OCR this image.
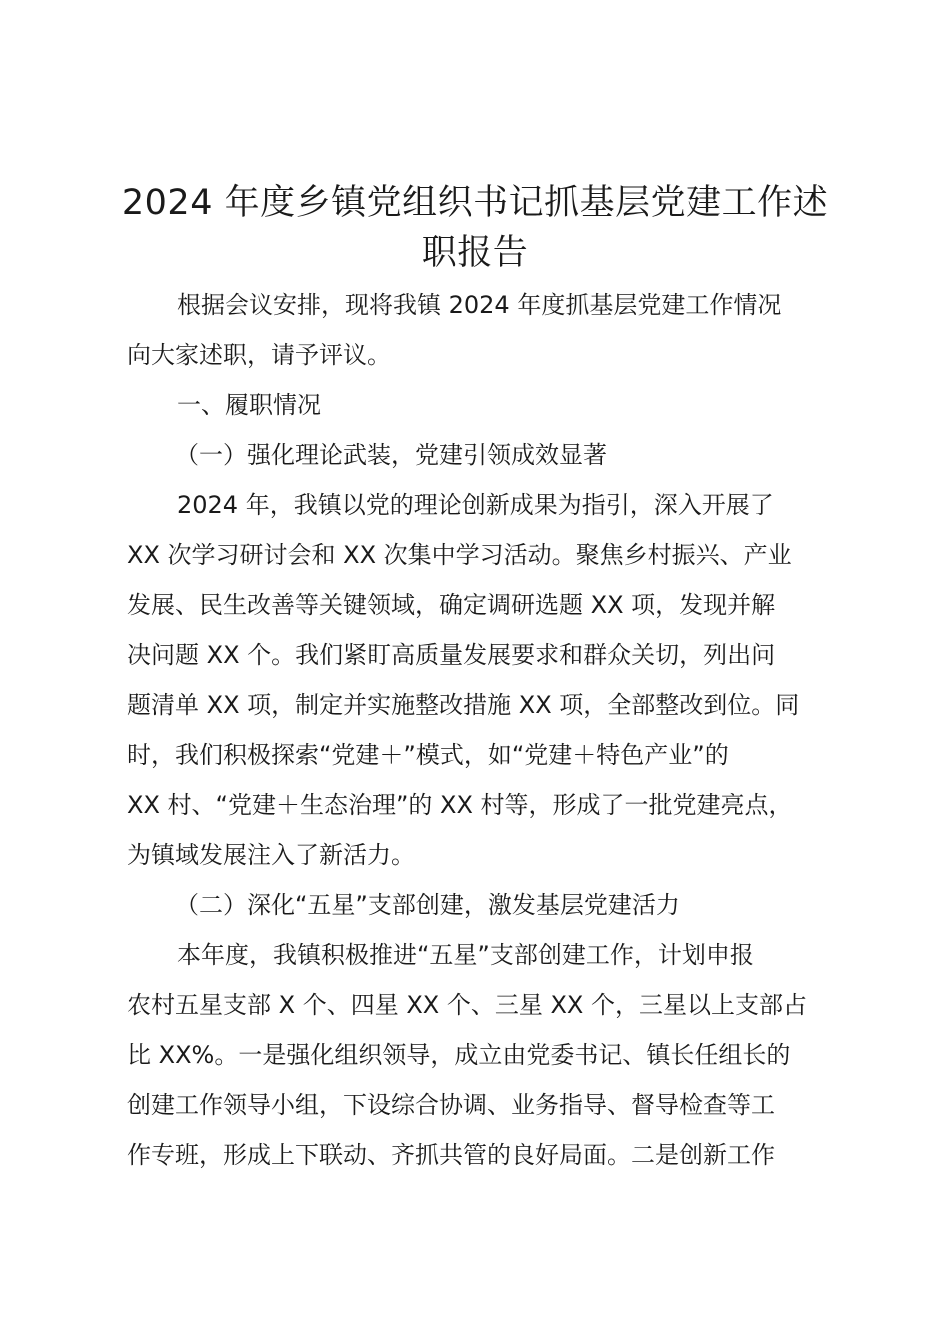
2024 年度乡镇党组织书记抓基层党建工作述
职报告
根据会议安排，现将我镇 2024 年度抓基层党建工作情况
向大家述职，请予评议。
一、履职情况
（一）强化理论武装，党建引领成效显著
2024 年，我镇以党的理论创新成果为指引，深入开展了
XX 次学习研讨会和 XX 次集中学习活动。聚焦乡村振兴、产业
发展、民生改善等关键领域，确定调研选题 XX 项，发现并解
决问题 XX 个。我们紧盯高质量发展要求和群众关切，列出问
题清单 XX 项，制定并实施整改措施 XX 项，全部整改到位。同
时，我们积极探索“党建＋”模式，如“党建＋特色产业”的
XX 村、“党建＋生态治理”的 XX 村等，形成了一批党建亮点，
为镇域发展注入了新活力。
（二）深化“五星”支部创建，激发基层党建活力
本年度，我镇积极推进“五星”支部创建工作，计划申报
农村五星支部 X 个、四星 XX 个、三星 XX 个，三星以上支部占
比 XX%。一是强化组织领导，成立由党委书记、镇长任组长的
创建工作领导小组，下设综合协调、业务指导、督导检查等工
作专班，形成上下联动、齐抓共管的良好局面。二是创新工作
